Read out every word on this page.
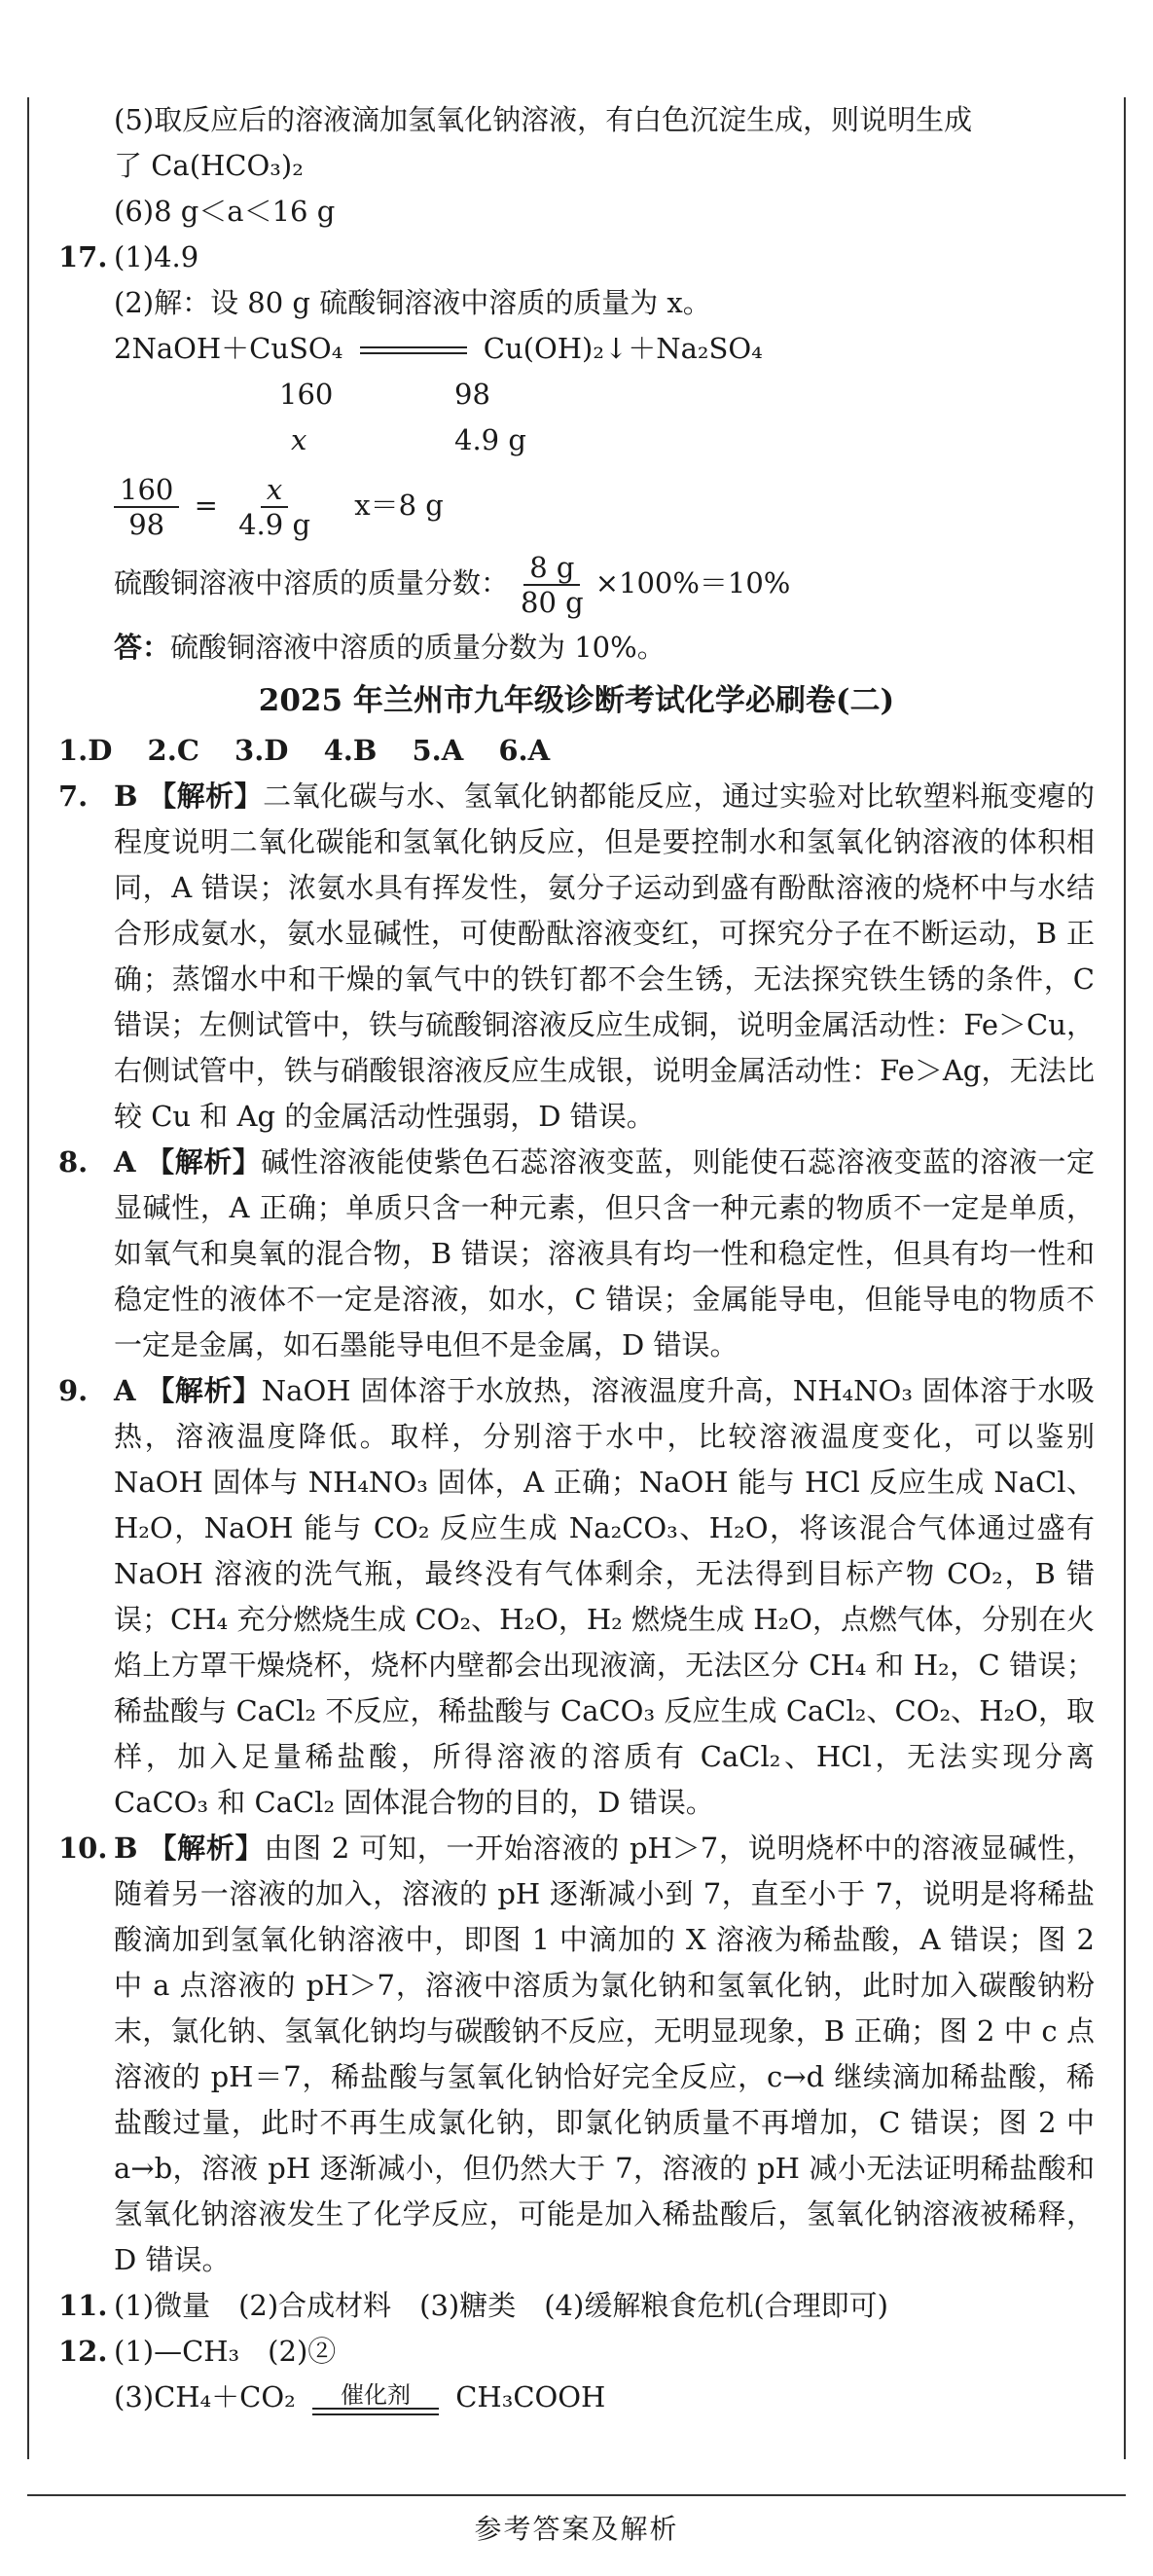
(5)取反应后的溶液滴加氢氧化钠溶液，有白色沉淀生成，则说明生成
了 Ca(HCO₃)₂
(6)8 g＜a＜16 g
17. (1)4.9
(2)解：设 80 g 硫酸铜溶液中溶质的质量为 x。
2NaOH＋CuSO₄	Cu(OH)₂↓＋Na₂SO₄
160	98
x	4.9 g
$\frac{160}{98} = \frac{x}{4.9 g} x=8$ g
硫酸铜溶液中溶质的质量分数： $\frac{8 g}{80 g} \times 100\%=10\%$
答：硫酸铜溶液中溶质的质量分数为 10%。
2025 年兰州市九年级诊断考试化学必刷卷(二)
1.D 2.C 3.D 4.B 5.A 6.A
7. B 【解析】二氧化碳与水、氢氧化钠都能反应，通过实验对比软塑料瓶变瘪的程度说明二氧化碳能和氢氧化钠反应，但是要控制水和氢氧化钠溶液的体积相同，A 错误；浓氨水具有挥发性，氨分子运动到盛有酚酞溶液的烧杯中与水结合形成氨水，氨水显碱性，可使酚酞溶液变红，可探究分子在不断运动，B 正确；蒸馏水中和干燥的氧气中的铁钉都不会生锈，无法探究铁生锈的条件，C 错误；左侧试管中，铁与硫酸铜溶液反应生成铜，说明金属活动性：Fe＞Cu，右侧试管中，铁与硝酸银溶液反应生成银，说明金属活动性：Fe＞Ag，无法比较 Cu 和 Ag 的金属活动性强弱，D 错误。
8. A 【解析】碱性溶液能使紫色石蕊溶液变蓝，则能使石蕊溶液变蓝的溶液一定显碱性，A 正确；单质只含一种元素，但只含一种元素的物质不一定是单质，如氧气和臭氧的混合物，B 错误；溶液具有均一性和稳定性，但具有均一性和稳定性的液体不一定是溶液，如水，C 错误；金属能导电，但能导电的物质不一定是金属，如石墨能导电但不是金属，D 错误。
9. A 【解析】NaOH 固体溶于水放热，溶液温度升高，NH₄NO₃ 固体溶于水吸热，溶液温度降低。取样，分别溶于水中，比较溶液温度变化，可以鉴别 NaOH 固体与 NH₄NO₃ 固体，A 正确；NaOH 能与 HCl 反应生成 NaCl、H₂O，NaOH 能与 CO₂ 反应生成 Na₂CO₃、H₂O，将该混合气体通过盛有 NaOH 溶液的洗气瓶，最终没有气体剩余，无法得到目标产物 CO₂，B 错误；CH₄ 充分燃烧生成 CO₂、H₂O，H₂ 燃烧生成 H₂O，点燃气体，分别在火焰上方罩干燥烧杯，烧杯内壁都会出现液滴，无法区分 CH₄ 和 H₂，C 错误；稀盐酸与 CaCl₂ 不反应，稀盐酸与 CaCO₃ 反应生成 CaCl₂、CO₂、H₂O，取样，加入足量稀盐酸，所得溶液的溶质有 CaCl₂、HCl，无法实现分离 CaCO₃ 和 CaCl₂ 固体混合物的目的，D 错误。
10. B 【解析】由图 2 可知，一开始溶液的 pH＞7，说明烧杯中的溶液显碱性，随着另一溶液的加入，溶液的 pH 逐渐减小到 7，直至小于 7，说明是将稀盐酸滴加到氢氧化钠溶液中，即图 1 中滴加的 X 溶液为稀盐酸，A 错误；图 2 中 a 点溶液的 pH＞7，溶液中溶质为氯化钠和氢氧化钠，此时加入碳酸钠粉末，氯化钠、氢氧化钠均与碳酸钠不反应，无明显现象，B 正确；图 2 中 c 点溶液的 pH＝7，稀盐酸与氢氧化钠恰好完全反应，c→d 继续滴加稀盐酸，稀盐酸过量，此时不再生成氯化钠，即氯化钠质量不再增加，C 错误；图 2 中 a→b，溶液 pH 逐渐减小，但仍然大于 7，溶液的 pH 减小无法证明稀盐酸和氢氧化钠溶液发生了化学反应，可能是加入稀盐酸后，氢氧化钠溶液被稀释，D 错误。
11. (1)微量　(2)合成材料　(3)糖类　(4)缓解粮食危机(合理即可)
12. (1)—CH₃　(2)②
(3)CH₄＋CO₂ 催化剂 CH₃COOH
参考答案及解析
